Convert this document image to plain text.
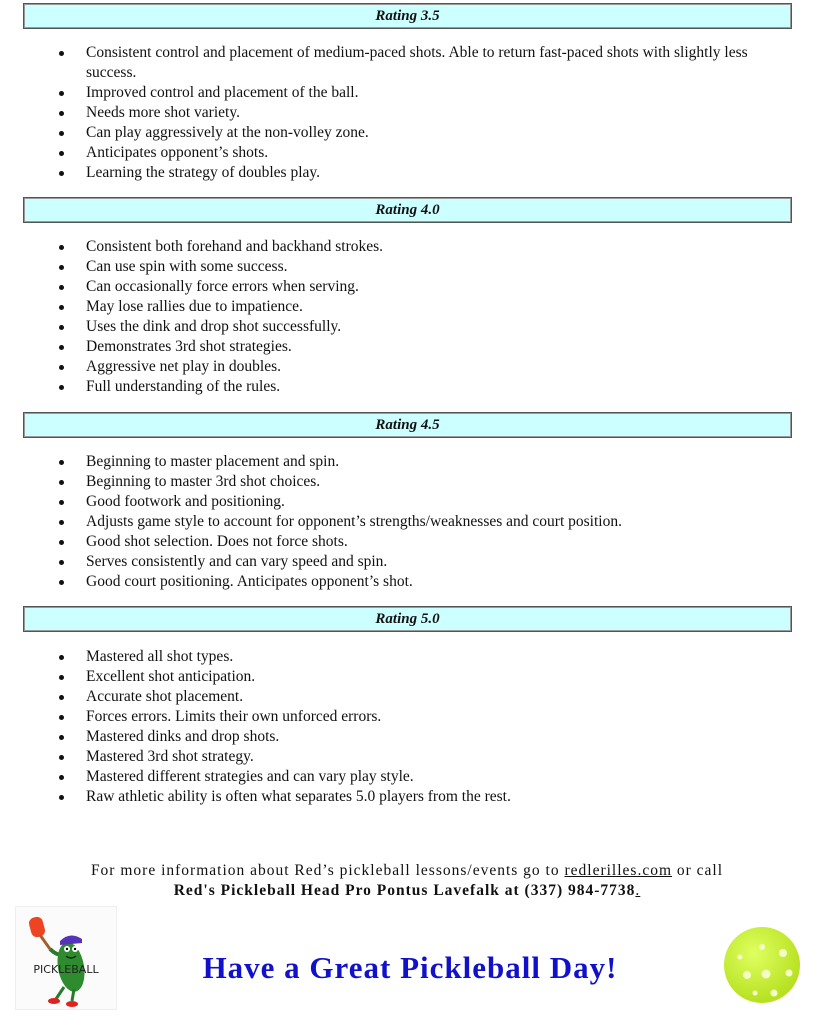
Rating 3.5
Consistent control and placement of medium-paced shots. Able to return fast-paced shots with slightly less success.
Improved control and placement of the ball.
Needs more shot variety.
Can play aggressively at the non-volley zone.
Anticipates opponent’s shots.
Learning the strategy of doubles play.
Rating 4.0
Consistent both forehand and backhand strokes.
Can use spin with some success.
Can occasionally force errors when serving.
May lose rallies due to impatience.
Uses the dink and drop shot successfully.
Demonstrates 3rd shot strategies.
Aggressive net play in doubles.
Full understanding of the rules.
Rating 4.5
Beginning to master placement and spin.
Beginning to master 3rd shot choices.
Good footwork and positioning.
Adjusts game style to account for opponent’s strengths/weaknesses and court position.
Good shot selection. Does not force shots.
Serves consistently and can vary speed and spin.
Good court positioning. Anticipates opponent’s shot.
Rating 5.0
Mastered all shot types.
Excellent shot anticipation.
Accurate shot placement.
Forces errors. Limits their own unforced errors.
Mastered dinks and drop shots.
Mastered 3rd shot strategy.
Mastered different strategies and can vary play style.
Raw athletic ability is often what separates 5.0 players from the rest.
For more information about Red’s pickleball lessons/events go to redlerilles.com or call
Red's Pickleball Head Pro Pontus Lavefalk at (337) 984-7738.
PICKLEBALL	Have a Great Pickleball Day!
